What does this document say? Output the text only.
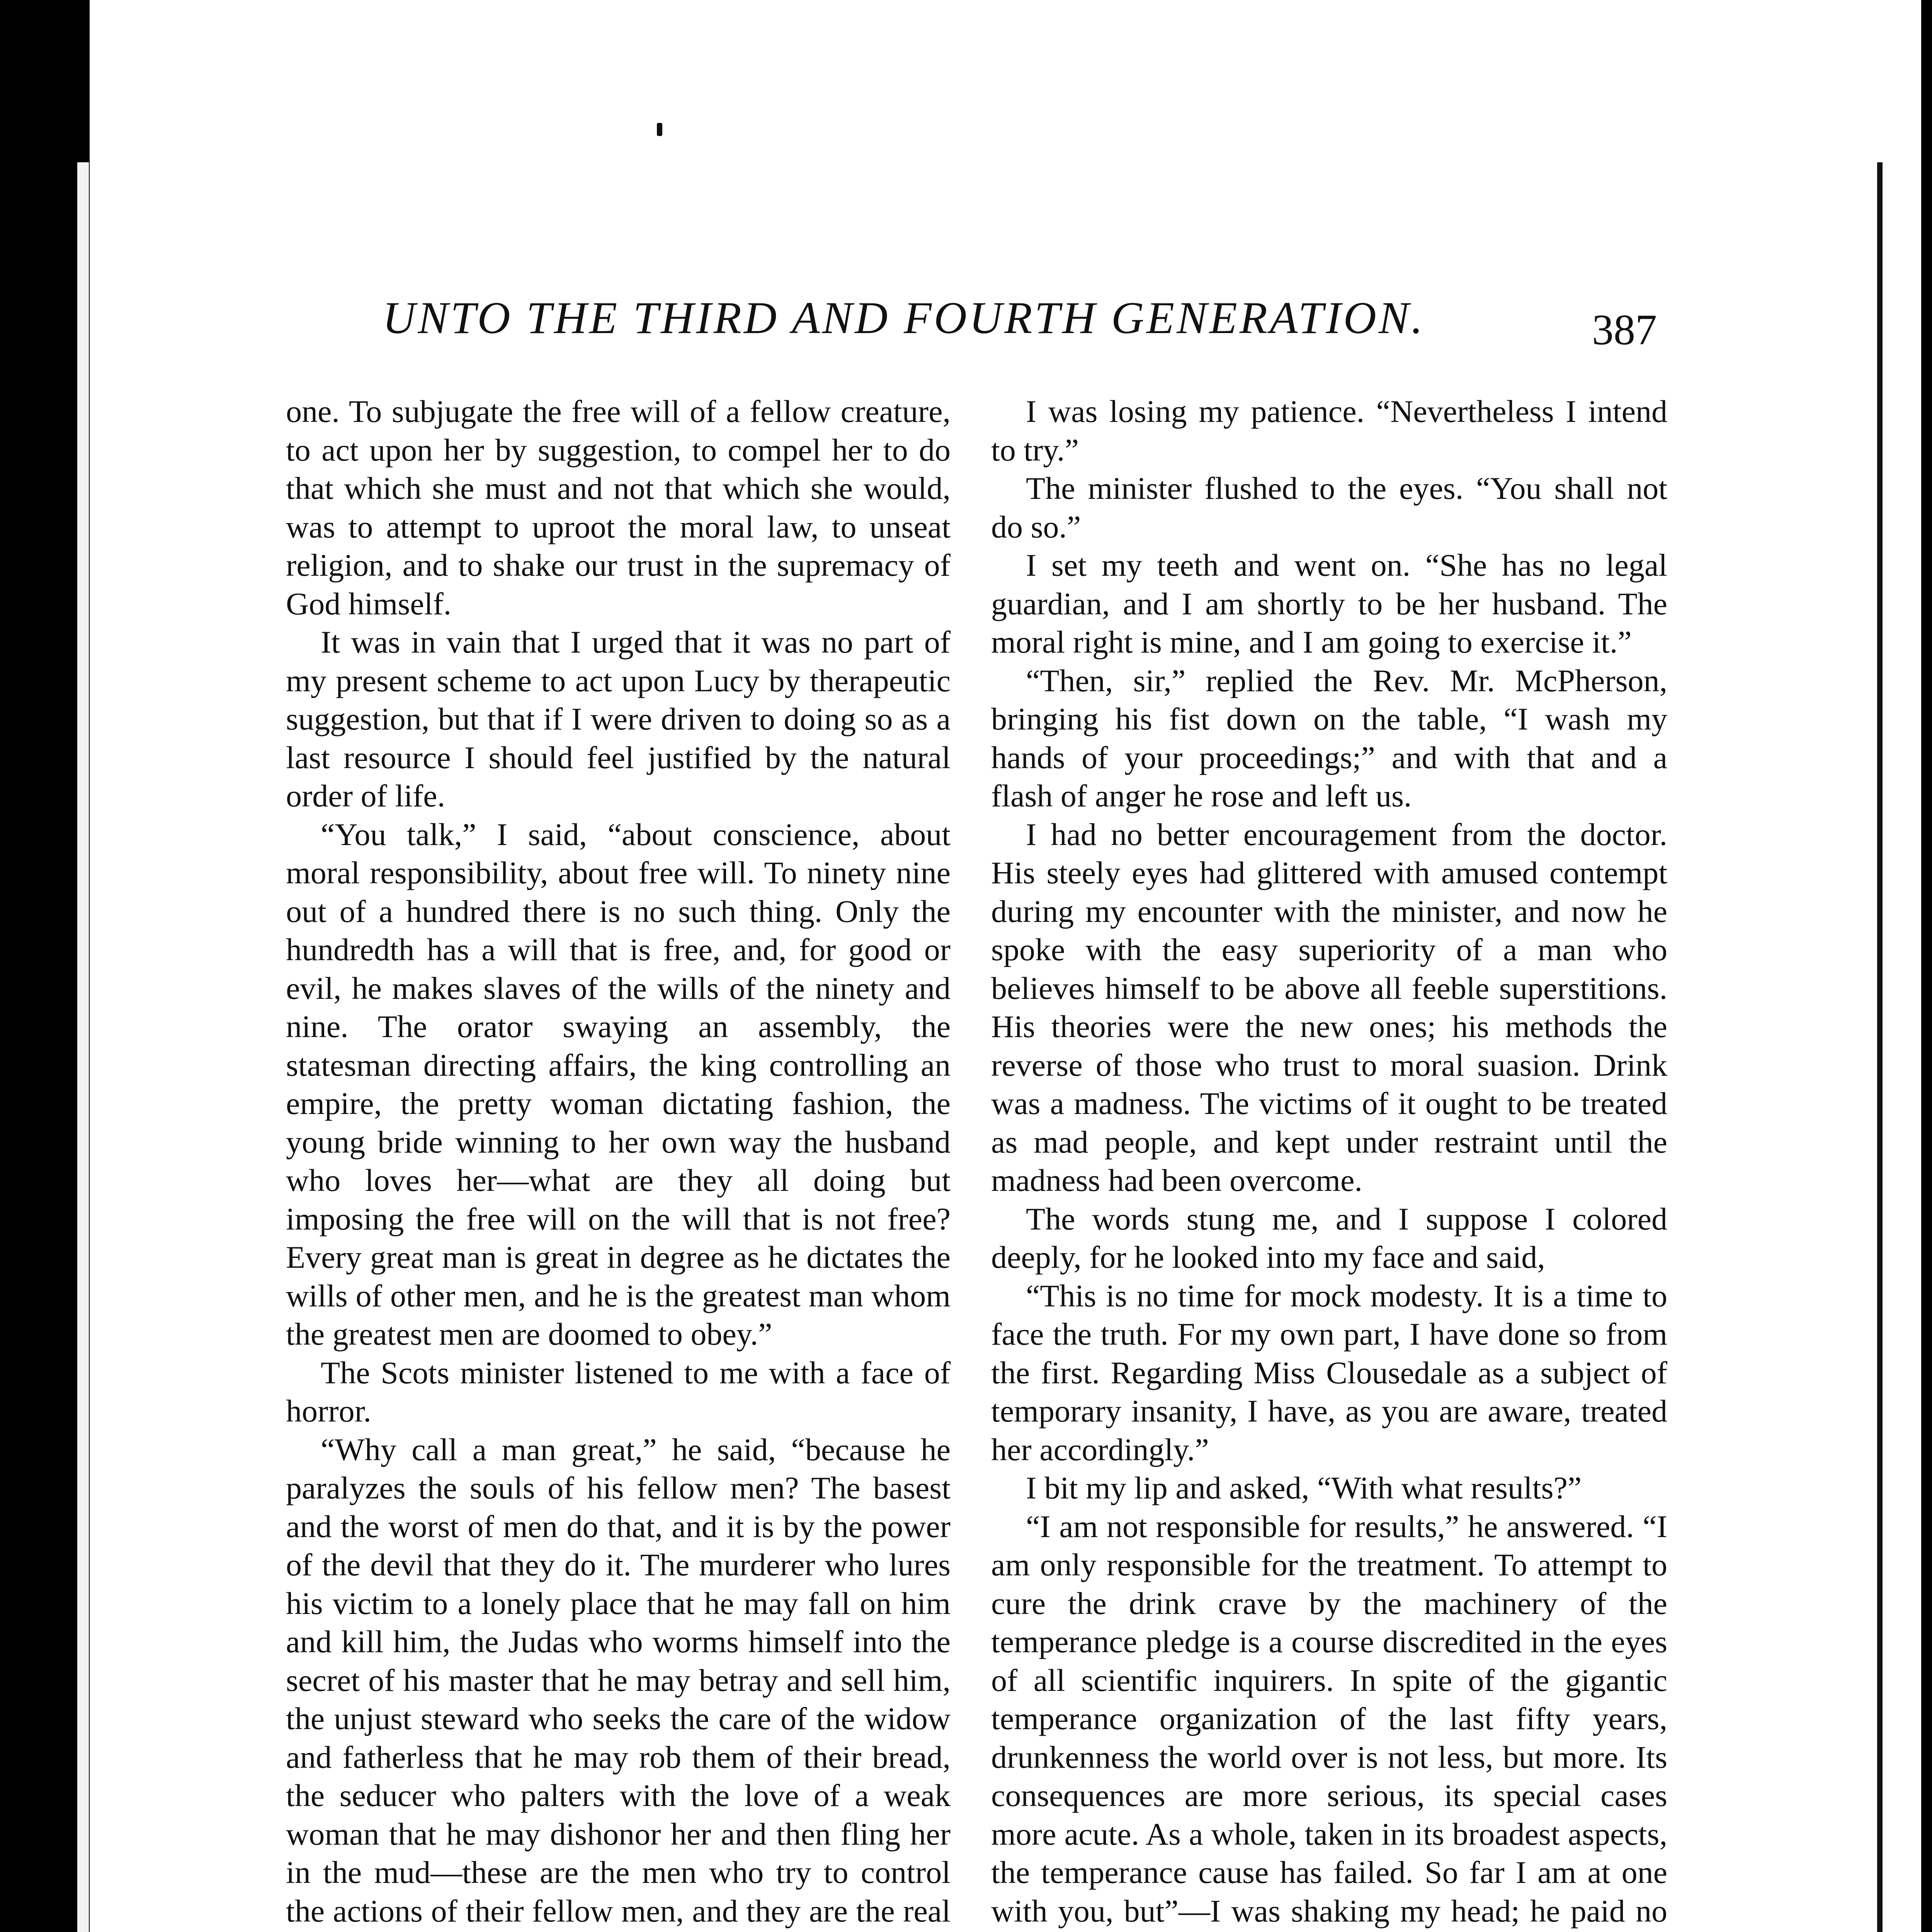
UNTO THE THIRD AND FOURTH GENERATION.	387

one. To subjugate the free will of a fellow creature, to act upon her by suggestion, to compel her to do that which she must and not that which she would, was to attempt to uproot the moral law, to unseat religion, and to shake our trust in the supremacy of God himself.

It was in vain that I urged that it was no part of my present scheme to act upon Lucy by therapeutic suggestion, but that if I were driven to doing so as a last resource I should feel justified by the natural order of life.

“You talk,” I said, “about conscience, about moral responsibility, about free will. To ninety nine out of a hundred there is no such thing. Only the hundredth has a will that is free, and, for good or evil, he makes slaves of the wills of the ninety and nine. The orator swaying an assembly, the statesman directing affairs, the king controlling an empire, the pretty woman dictating fashion, the young bride winning to her own way the husband who loves her—what are they all doing but imposing the free will on the will that is not free? Every great man is great in degree as he dictates the wills of other men, and he is the greatest man whom the greatest men are doomed to obey.”

The Scots minister listened to me with a face of horror.

“Why call a man great,” he said, “because he paralyzes the souls of his fellow men? The basest and the worst of men do that, and it is by the power of the devil that they do it. The murderer who lures his victim to a lonely place that he may fall on him and kill him, the Judas who worms himself into the secret of his master that he may betray and sell him, the unjust steward who seeks the care of the widow and fatherless that he may rob them of their bread, the seducer who palters with the love of a weak woman that he may dishonor her and then fling her in the mud—these are the men who try to control the actions of their fellow men, and they are the real

I was losing my patience. “Nevertheless I intend to try.”

The minister flushed to the eyes. “You shall not do so.”

I set my teeth and went on. “She has no legal guardian, and I am shortly to be her husband. The moral right is mine, and I am going to exercise it.”

“Then, sir,” replied the Rev. Mr. McPherson, bringing his fist down on the table, “I wash my hands of your proceedings;” and with that and a flash of anger he rose and left us.

I had no better encouragement from the doctor. His steely eyes had glittered with amused contempt during my encounter with the minister, and now he spoke with the easy superiority of a man who believes himself to be above all feeble superstitions. His theories were the new ones; his methods the reverse of those who trust to moral suasion. Drink was a madness. The victims of it ought to be treated as mad people, and kept under restraint until the madness had been overcome.

The words stung me, and I suppose I colored deeply, for he looked into my face and said,

“This is no time for mock modesty. It is a time to face the truth. For my own part, I have done so from the first. Regarding Miss Clousedale as a subject of temporary insanity, I have, as you are aware, treated her accordingly.”

I bit my lip and asked, “With what results?”

“I am not responsible for results,” he answered. “I am only responsible for the treatment. To attempt to cure the drink crave by the machinery of the temperance pledge is a course discredited in the eyes of all scientific inquirers. In spite of the gigantic temperance organization of the last fifty years, drunkenness the world over is not less, but more. Its consequences are more serious, its special cases more acute. As a whole, taken in its broadest aspects, the temperance cause has failed. So far I am at one with you, but”—I was shaking my head; he paid no
